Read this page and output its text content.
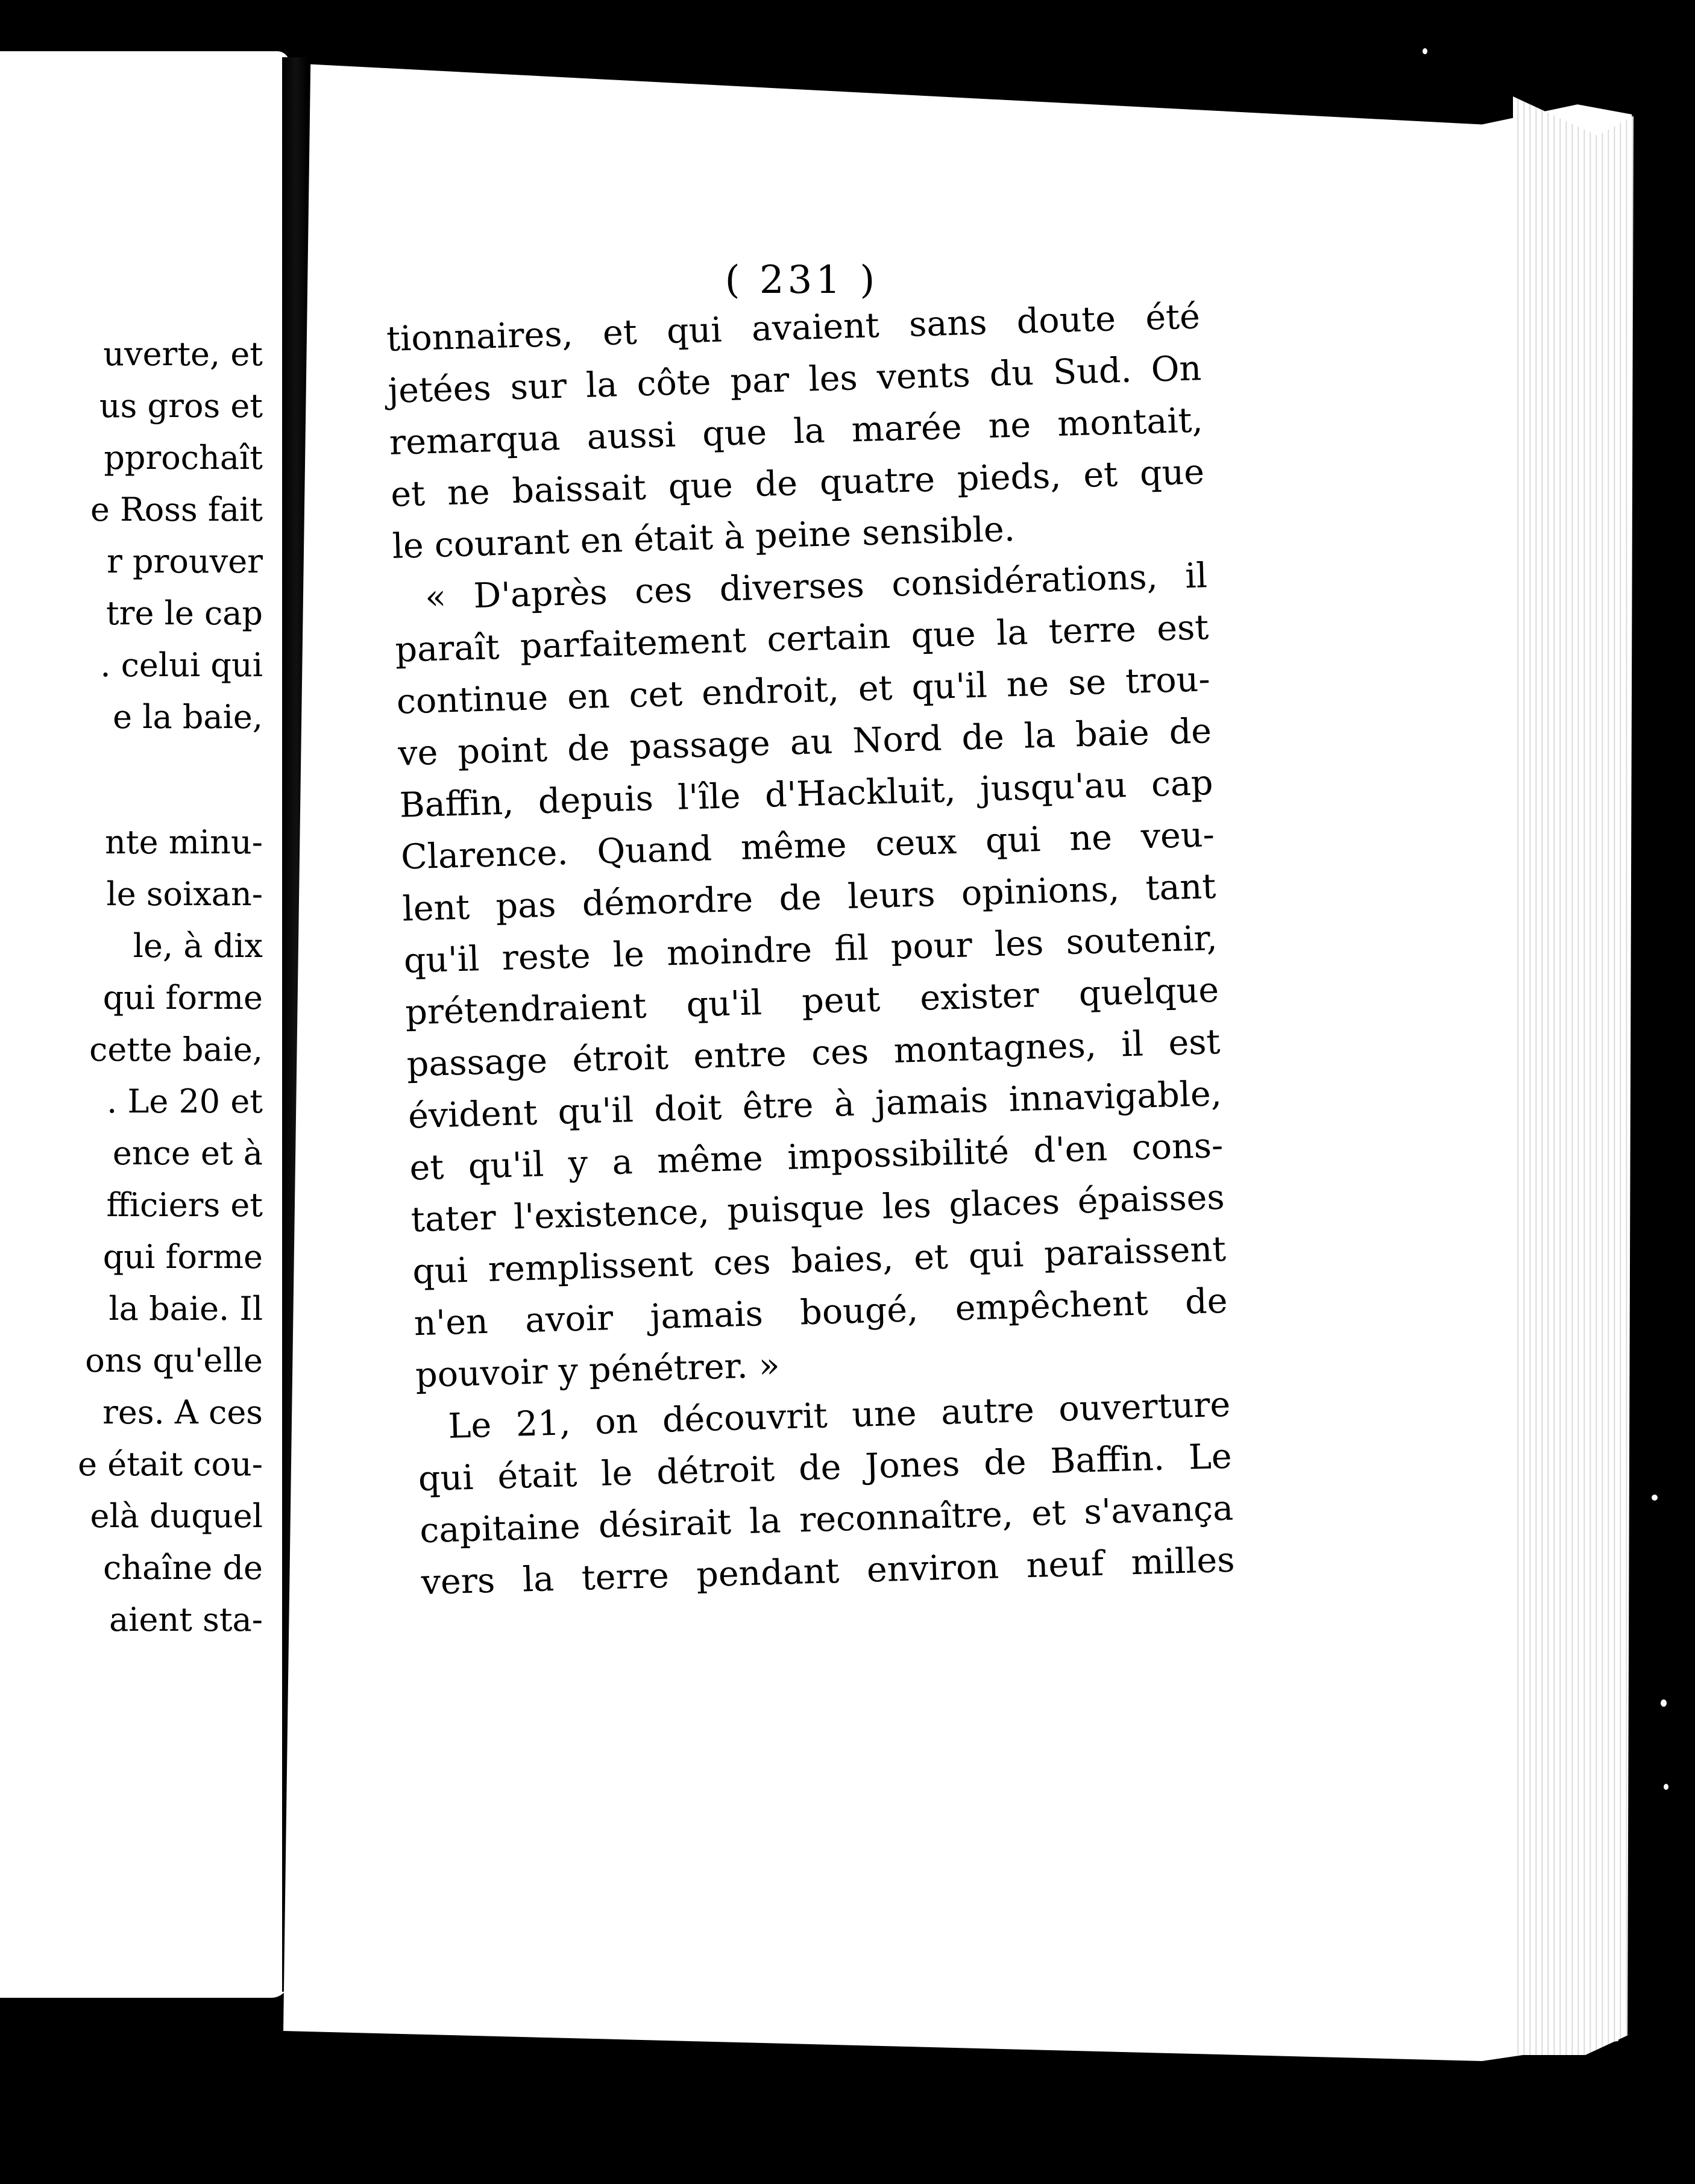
uverte, et
us gros et
pprochaît
e Ross fait
r prouver
tre le cap
. celui qui
e la baie,
nte minu-
le soixan-
le, à dix
qui forme
cette baie,
. Le 20 et
ence et à
fficiers et
qui forme
la baie. Il
ons qu'elle
res. A ces
e était cou-
elà duquel
chaîne de
aient sta-
( 231 )
tionnaires, et qui avaient sans doute été
jetées sur la côte par les vents du Sud. On
remarqua aussi que la marée ne montait,
et ne baissait que de quatre pieds, et que
le courant en était à peine sensible.
« D'après ces diverses considérations, il
paraît parfaitement certain que la terre est
continue en cet endroit, et qu'il ne se trou-
ve point de passage au Nord de la baie de
Baffin, depuis l'île d'Hackluit, jusqu'au cap
Clarence. Quand même ceux qui ne veu-
lent pas démordre de leurs opinions, tant
qu'il reste le moindre fil pour les soutenir,
prétendraient qu'il peut exister quelque
passage étroit entre ces montagnes, il est
évident qu'il doit être à jamais innavigable,
et qu'il y a même impossibilité d'en cons-
tater l'existence, puisque les glaces épaisses
qui remplissent ces baies, et qui paraissent
n'en avoir jamais bougé, empêchent de
pouvoir y pénétrer. »
Le 21, on découvrit une autre ouverture
qui était le détroit de Jones de Baffin. Le
capitaine désirait la reconnaître, et s'avança
vers la terre pendant environ neuf milles
